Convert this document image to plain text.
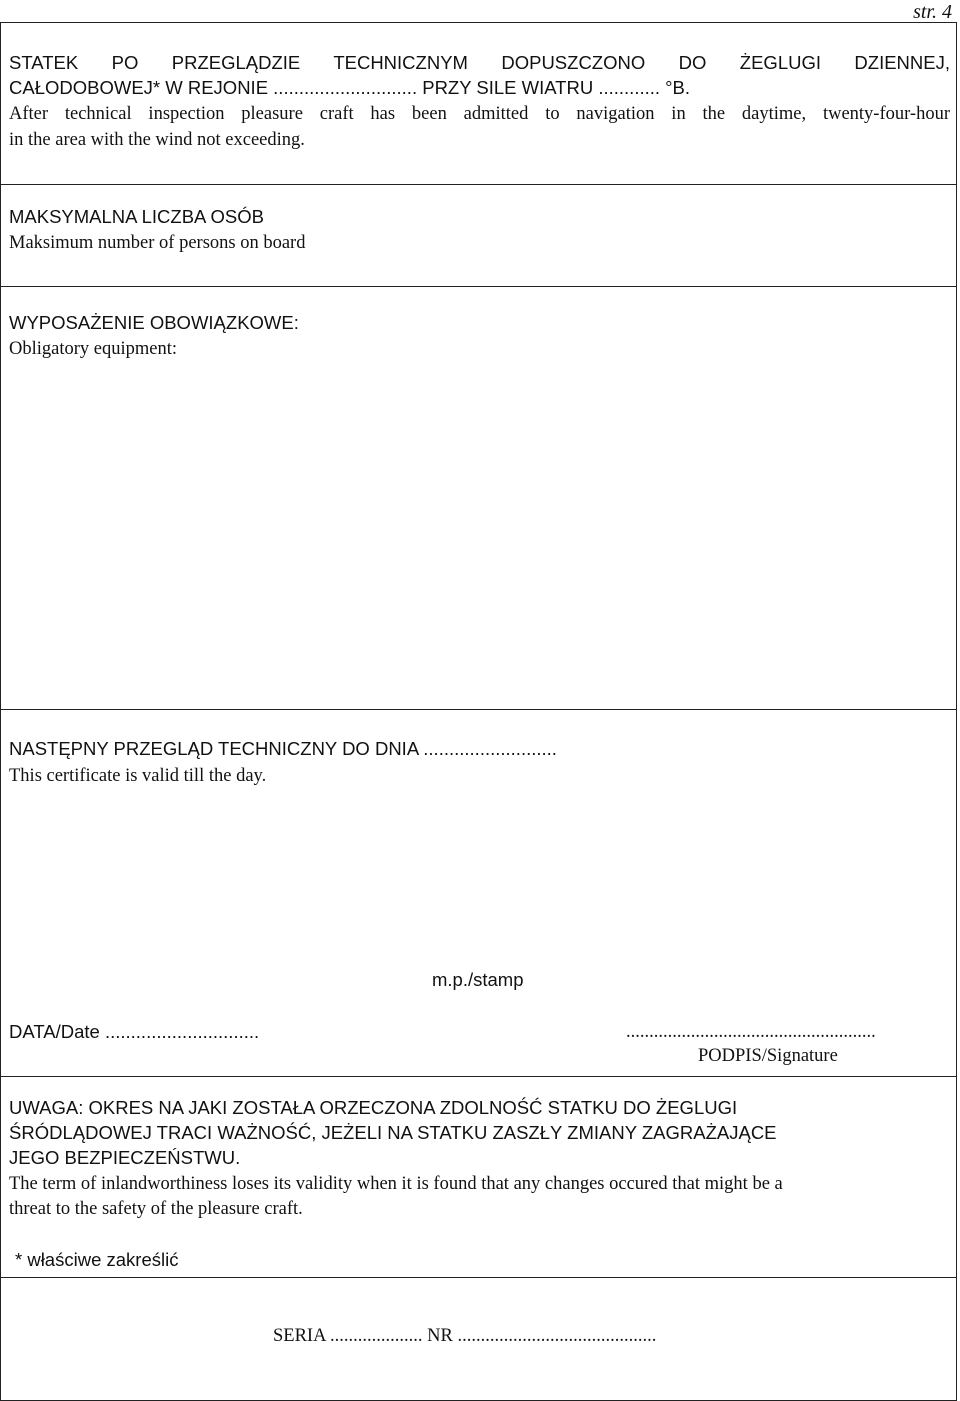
str. 4
STATEK PO PRZEGLĄDZIE TECHNICZNYM DOPUSZCZONO DO ŻEGLUGI DZIENNEJ,
CAŁODOBOWEJ* W REJONIE ............................ PRZY SILE WIATRU ............ °B.
After technical inspection pleasure craft has been admitted to navigation in the daytime, twenty-four-hour
in the area with the wind not exceeding.
MAKSYMALNA LICZBA OSÓB
Maksimum number of persons on board
WYPOSAŻENIE OBOWIĄZKOWE:
Obligatory equipment:
NASTĘPNY PRZEGLĄD TECHNICZNY DO DNIA ..........................
This certificate is valid till the day.
m.p./stamp
DATA/Date ..............................	......................................................
PODPIS/Signature
UWAGA: OKRES NA JAKI ZOSTAŁA ORZECZONA ZDOLNOŚĆ STATKU DO ŻEGLUGI
ŚRÓDLĄDOWEJ TRACI WAŻNOŚĆ, JEŻELI NA STATKU ZASZŁY ZMIANY ZAGRAŻAJĄCE
JEGO BEZPIECZEŃSTWU.
The term of inlandworthiness loses its validity when it is found that any changes occured that might be a
threat to the safety of the pleasure craft.
* właściwe zakreślić
SERIA .................... NR ...........................................
